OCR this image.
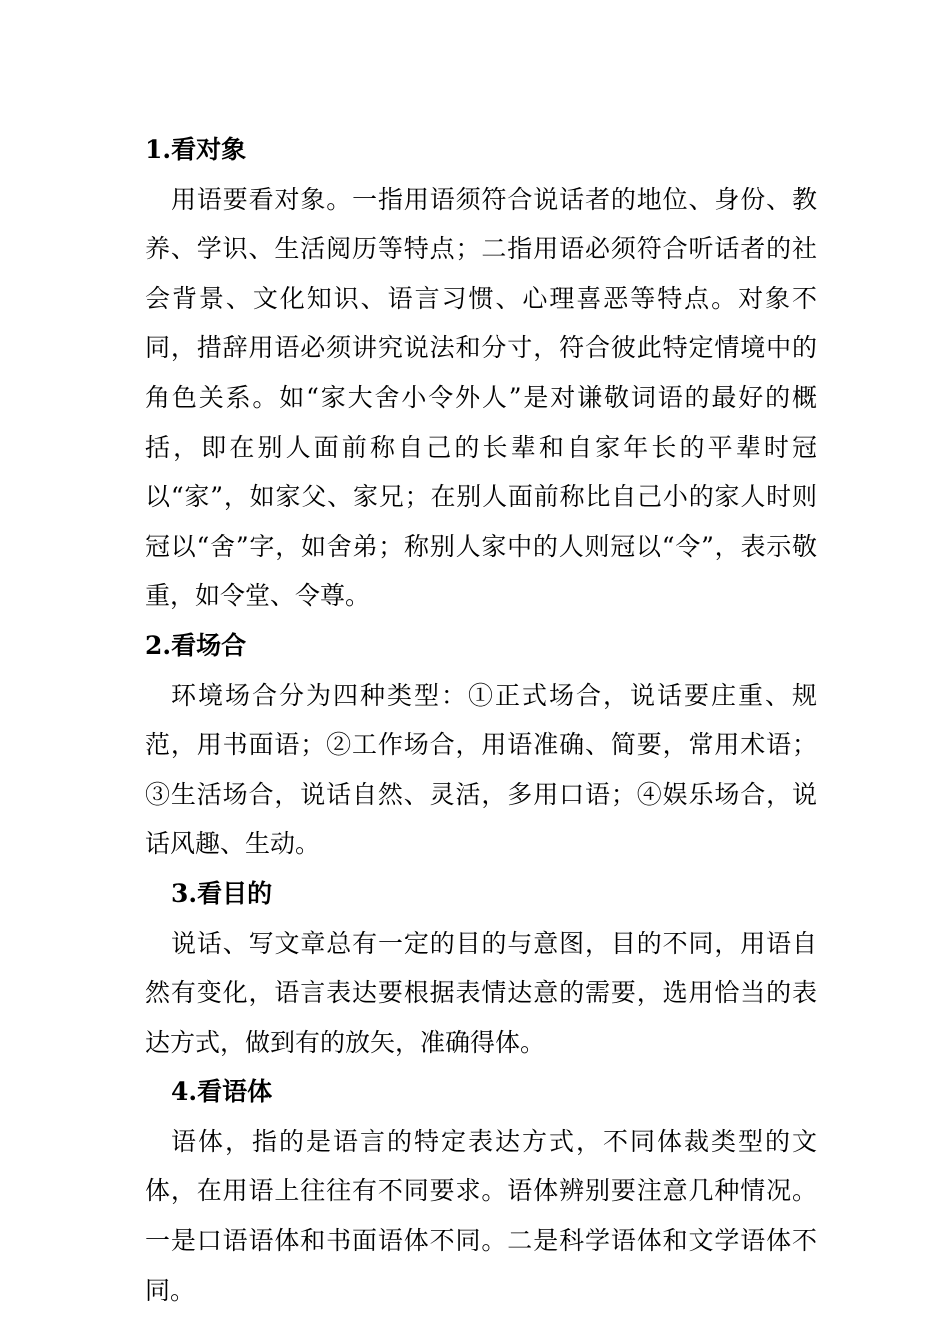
1.看对象
用语要看对象。一指用语须符合说话者的地位、身份、教养、学识、生活阅历等特点；二指用语必须符合听话者的社会背景、文化知识、语言习惯、心理喜恶等特点。对象不同，措辞用语必须讲究说法和分寸，符合彼此特定情境中的角色关系。如“家大舍小令外人”是对谦敬词语的最好的概括，即在别人面前称自己的长辈和自家年长的平辈时冠以“家”，如家父、家兄；在别人面前称比自己小的家人时则冠以“舍”字，如舍弟；称别人家中的人则冠以“令”，表示敬重，如令堂、令尊。
2.看场合
环境场合分为四种类型：①正式场合，说话要庄重、规范，用书面语；②工作场合，用语准确、简要，常用术语；③生活场合，说话自然、灵活，多用口语；④娱乐场合，说话风趣、生动。
3.看目的
说话、写文章总有一定的目的与意图，目的不同，用语自然有变化，语言表达要根据表情达意的需要，选用恰当的表达方式，做到有的放矢，准确得体。
4.看语体
语体，指的是语言的特定表达方式，不同体裁类型的文体，在用语上往往有不同要求。语体辨别要注意几种情况。一是口语语体和书面语体不同。二是科学语体和文学语体不同。
